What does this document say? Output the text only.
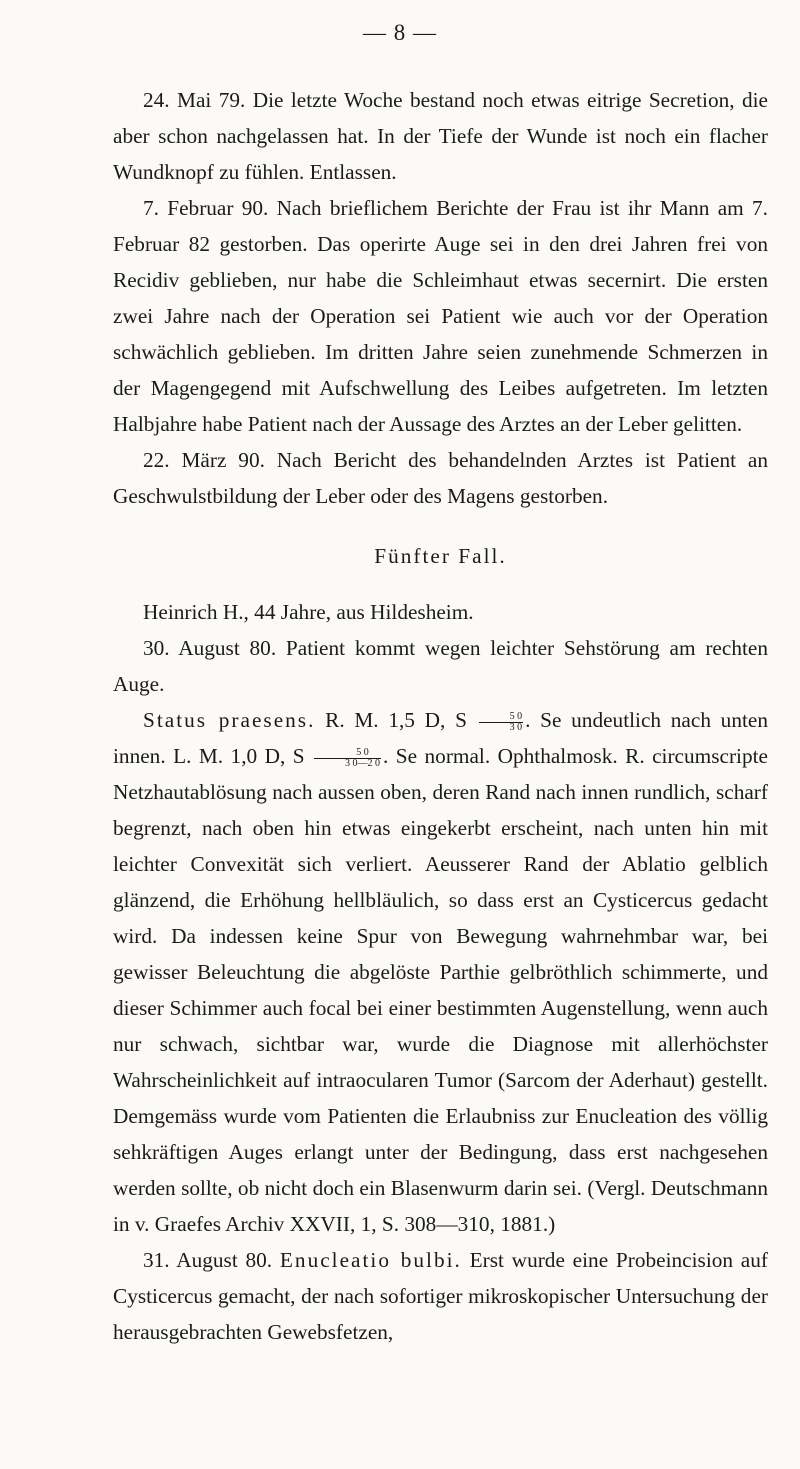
— 8 —

24. Mai 79. Die letzte Woche bestand noch etwas eitrige Secretion, die aber schon nachgelassen hat. In der Tiefe der Wunde ist noch ein flacher Wundknopf zu fühlen. Entlassen.

7. Februar 90. Nach brieflichem Berichte der Frau ist ihr Mann am 7. Februar 82 gestorben. Das operirte Auge sei in den drei Jahren frei von Recidiv geblieben, nur habe die Schleimhaut etwas secernirt. Die ersten zwei Jahre nach der Operation sei Patient wie auch vor der Operation schwächlich geblieben. Im dritten Jahre seien zunehmende Schmerzen in der Magengegend mit Aufschwellung des Leibes aufgetreten. Im letzten Halbjahre habe Patient nach der Aussage des Arztes an der Leber gelitten.

22. März 90. Nach Bericht des behandelnden Arztes ist Patient an Geschwulstbildung der Leber oder des Magens gestorben.

Fünfter Fall.

Heinrich H., 44 Jahre, aus Hildesheim.

30. August 80. Patient kommt wegen leichter Sehstörung am rechten Auge.

Status praesens. R. M. 1,5 D, S $\frac{5 0}{3 0}$ . Se undeutlich nach unten innen. L. M. 1,0 D, S $\frac{5 0}{3 0—2 0}$ . Se normal. Ophthalmosk. R. circumscripte Netzhautablösung nach aussen oben, deren Rand nach innen rundlich, scharf begrenzt, nach oben hin etwas eingekerbt erscheint, nach unten hin mit leichter Convexität sich verliert. Aeusserer Rand der Ablatio gelblich glänzend, die Erhöhung hellbläulich, so dass erst an Cysticercus gedacht wird. Da indessen keine Spur von Bewegung wahrnehmbar war, bei gewisser Beleuchtung die abgelöste Parthie gelbröthlich schimmerte, und dieser Schimmer auch focal bei einer bestimmten Augenstellung, wenn auch nur schwach, sichtbar war, wurde die Diagnose mit allerhöchster Wahrscheinlichkeit auf intraocularen Tumor (Sarcom der Aderhaut) gestellt. Demgemäss wurde vom Patienten die Erlaubniss zur Enucleation des völlig sehkräftigen Auges erlangt unter der Bedingung, dass erst nachgesehen werden sollte, ob nicht doch ein Blasenwurm darin sei. (Vergl. Deutschmann in v. Graefes Archiv XXVII, 1, S. 308—310, 1881.)

31. August 80. Enucleatio bulbi. Erst wurde eine Probeincision auf Cysticercus gemacht, der nach sofortiger mikroskopischer Untersuchung der herausgebrachten Gewebsfetzen,
